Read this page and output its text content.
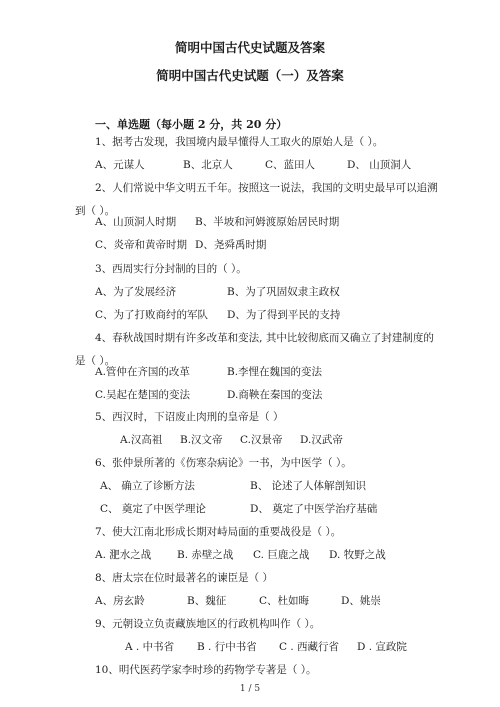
简明中国古代史试题及答案
简明中国古代史试题（一）及答案
一、单选题（每小题 2 分，共 20 分）
1、据考古发现，我国境内最早懂得人工取火的原始人是（ ）。
A、元谋人	B、北京人	C、蓝田人	D、 山顶洞人
2、人们常说中华文明五千年。按照这一说法，我国的文明史最早可以追溯
到（ ）。
A、山顶洞人时期 B、半坡和河姆渡原始居民时期
C、炎帝和黄帝时期 D、尧舜禹时期
3、西周实行分封制的目的（ ）。
A、为了发展经济	B、为了巩固奴隶主政权
C、为了打败商纣的军队 D、为了得到平民的支持
4、春秋战国时期有许多改革和变法, 其中比较彻底而又确立了封建制度的
是（ ）。
A.管仲在齐国的改革	B.李悝在魏国的变法
C.吴起在楚国的变法	D.商鞅在秦国的变法
5、西汉时，下诏废止肉刑的皇帝是（ ）
A.汉高祖 B.汉文帝 C.汉景帝 D.汉武帝
6、张仲景所著的《伤寒杂病论》一书，为中医学（ ）。
A、 确立了诊断方法	B、 论述了人体解剖知识
C、 奠定了中医学理论	D、 奠定了中医学治疗基础
7、使大江南北形成长期对峙局面的重要战役是（ ）。
A. 淝水之战 B. 赤壁之战 C. 巨鹿之战 D. 牧野之战
8、唐太宗在位时最著名的谏臣是（ ）
A、房玄龄	B、魏征	C、杜如晦	D、姚崇
9、元朝设立负责藏族地区的行政机构叫作（ ）。
A . 中书省 B . 行中书省 C . 西藏行省 D . 宣政院
10、明代医药学家李时珍的药物学专著是（ ）。
1 / 5
